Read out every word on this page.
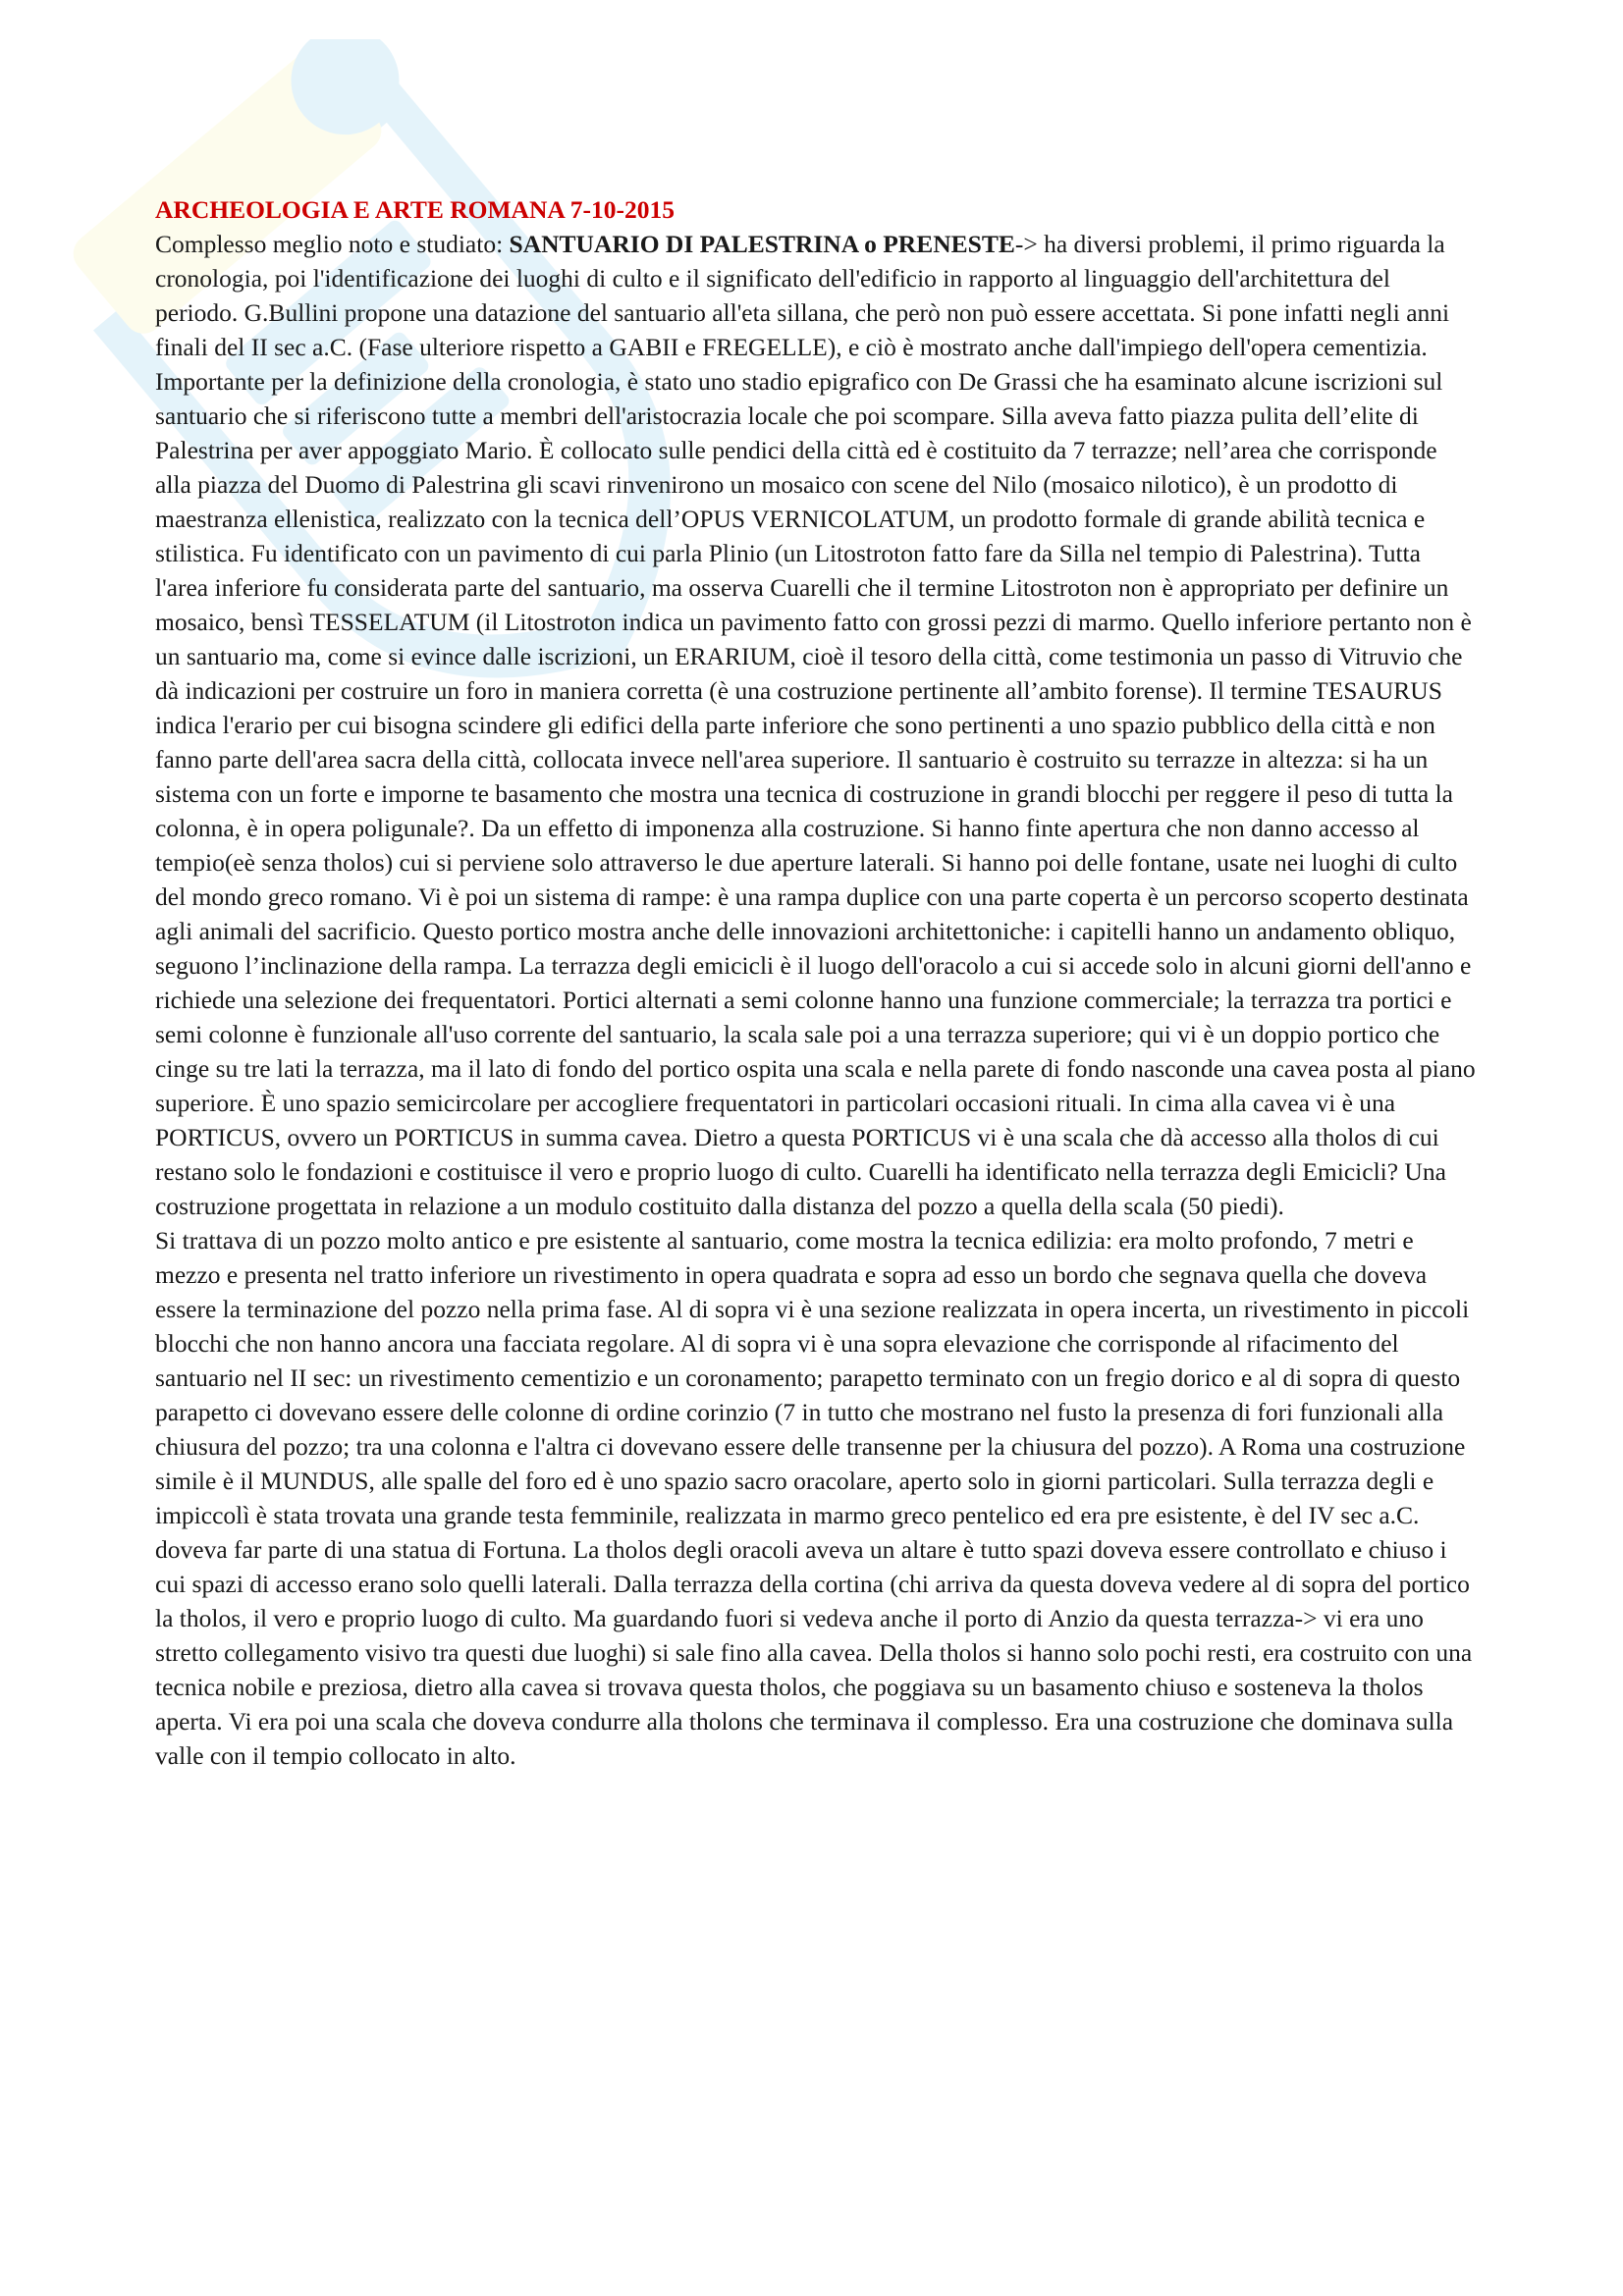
ARCHEOLOGIA E ARTE ROMANA 7-10-2015

Complesso meglio noto e studiato: SANTUARIO DI PALESTRINA o PRENESTE-> ha diversi problemi, il primo riguarda la cronologia, poi l'identificazione dei luoghi di culto e il significato dell'edificio in rapporto al linguaggio dell'architettura del periodo. G.Bullini propone una datazione del santuario all'eta sillana, che però non può essere accettata. Si pone infatti negli anni finali del II sec a.C. (Fase ulteriore rispetto a GABII e FREGELLE), e ciò è mostrato anche dall'impiego dell'opera cementizia. Importante per la definizione della cronologia, è stato uno stadio epigrafico con De Grassi che ha esaminato alcune iscrizioni sul santuario che si riferiscono tutte a membri dell'aristocrazia locale che poi scompare. Silla aveva fatto piazza pulita dell’elite di Palestrina per aver appoggiato Mario. È collocato sulle pendici della città ed è costituito da 7 terrazze; nell’area che corrisponde alla piazza del Duomo di Palestrina gli scavi rinvenirono un mosaico con scene del Nilo (mosaico nilotico), è un prodotto di maestranza ellenistica, realizzato con la tecnica dell’OPUS VERNICOLATUM, un prodotto formale di grande abilità tecnica e stilistica. Fu identificato con un pavimento di cui parla Plinio (un Litostroton fatto fare da Silla nel tempio di Palestrina). Tutta l'area inferiore fu considerata parte del santuario, ma osserva Cuarelli che il termine Litostroton non è appropriato per definire un mosaico, bensì TESSELATUM (il Litostroton indica un pavimento fatto con grossi pezzi di marmo. Quello inferiore pertanto non è un santuario ma, come si evince dalle iscrizioni, un ERARIUM, cioè il tesoro della città, come testimonia un passo di Vitruvio che dà indicazioni per costruire un foro in maniera corretta (è una costruzione pertinente all’ambito forense). Il termine TESAURUS indica l'erario per cui bisogna scindere gli edifici della parte inferiore che sono pertinenti a uno spazio pubblico della città e non fanno parte dell'area sacra della città, collocata invece nell'area superiore. Il santuario è costruito su terrazze in altezza: si ha un sistema con un forte e imporne te basamento che mostra una tecnica di costruzione in grandi blocchi per reggere il peso di tutta la colonna, è in opera poligunale?. Da un effetto di imponenza alla costruzione. Si hanno finte apertura che non danno accesso al tempio(eè senza tholos) cui si perviene solo attraverso le due aperture laterali. Si hanno poi delle fontane, usate nei luoghi di culto del mondo greco romano. Vi è poi un sistema di rampe: è una rampa duplice con una parte coperta è un percorso scoperto destinata agli animali del sacrificio. Questo portico mostra anche delle innovazioni architettoniche: i capitelli hanno un andamento obliquo, seguono l’inclinazione della rampa. La terrazza degli emicicli è il luogo dell'oracolo a cui si accede solo in alcuni giorni dell'anno e richiede una selezione dei frequentatori. Portici alternati a semi colonne hanno una funzione commerciale; la terrazza tra portici e semi colonne è funzionale all'uso corrente del santuario, la scala sale poi a una terrazza superiore; qui vi è un doppio portico che cinge su tre lati la terrazza, ma il lato di fondo del portico ospita una scala e nella parete di fondo nasconde una cavea posta al piano superiore. È uno spazio semicircolare per accogliere frequentatori in particolari occasioni rituali. In cima alla cavea vi è una PORTICUS, ovvero un PORTICUS in summa cavea. Dietro a questa PORTICUS vi è una scala che dà accesso alla tholos di cui restano solo le fondazioni e costituisce il vero e proprio luogo di culto. Cuarelli ha identificato nella terrazza degli Emicicli? Una costruzione progettata in relazione a un modulo costituito dalla distanza del pozzo a quella della scala (50 piedi).

Si trattava di un pozzo molto antico e pre esistente al santuario, come mostra la tecnica edilizia: era molto profondo, 7 metri e mezzo e presenta nel tratto inferiore un rivestimento in opera quadrata e sopra ad esso un bordo che segnava quella che doveva essere la terminazione del pozzo nella prima fase. Al di sopra vi è una sezione realizzata in opera incerta, un rivestimento in piccoli blocchi che non hanno ancora una facciata regolare. Al di sopra vi è una sopra elevazione che corrisponde al rifacimento del santuario nel II sec: un rivestimento cementizio e un coronamento; parapetto terminato con un fregio dorico e al di sopra di questo parapetto ci dovevano essere delle colonne di ordine corinzio (7 in tutto che mostrano nel fusto la presenza di fori funzionali alla chiusura del pozzo; tra una colonna e l'altra ci dovevano essere delle transenne per la chiusura del pozzo). A Roma una costruzione simile è il MUNDUS, alle spalle del foro ed è uno spazio sacro oracolare, aperto solo in giorni particolari. Sulla terrazza degli e impiccolì è stata trovata una grande testa femminile, realizzata in marmo greco pentelico ed era pre esistente, è del IV sec a.C. doveva far parte di una statua di Fortuna. La tholos degli oracoli aveva un altare è tutto spazi doveva essere controllato e chiuso i cui spazi di accesso erano solo quelli laterali. Dalla terrazza della cortina (chi arriva da questa doveva vedere al di sopra del portico la tholos, il vero e proprio luogo di culto. Ma guardando fuori si vedeva anche il porto di Anzio da questa terrazza-> vi era uno stretto collegamento visivo tra questi due luoghi) si sale fino alla cavea. Della tholos si hanno solo pochi resti, era costruito con una tecnica nobile e preziosa, dietro alla cavea si trovava questa tholos, che poggiava su un basamento chiuso e sosteneva la tholos aperta. Vi era poi una scala che doveva condurre alla tholons che terminava il complesso. Era una costruzione che dominava sulla valle con il tempio collocato in alto.
